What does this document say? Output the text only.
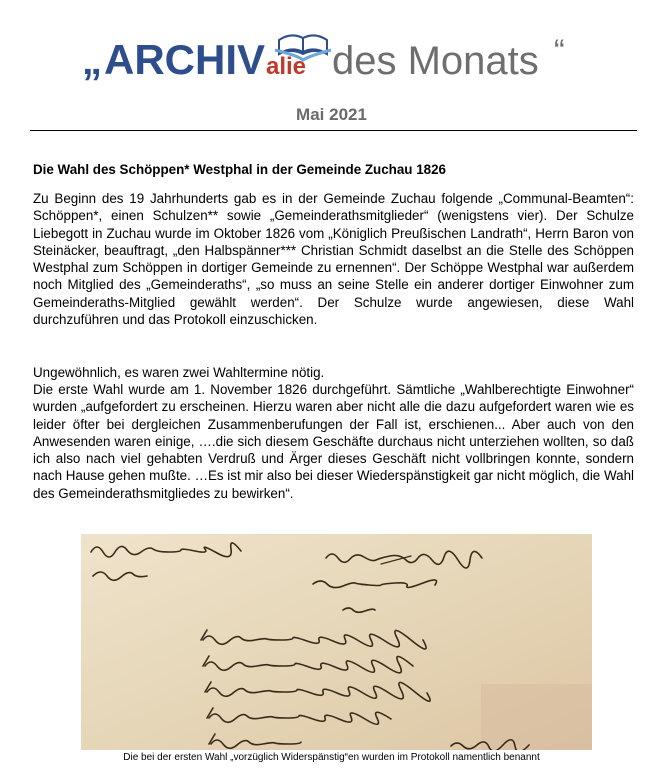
„ ARCHIV alie des Monats “
Mai 2021
Die Wahl des Schöppen* Westphal in der Gemeinde Zuchau 1826

Zu Beginn des 19 Jahrhunderts gab es in der Gemeinde Zuchau folgende „Communal-Beamten“: Schöppen*, einen Schulzen** sowie „Gemeinderathsmitglieder“ (wenigstens vier). Der Schulze Liebegott in Zuchau wurde im Oktober 1826 vom „Königlich Preußischen Landrath“, Herrn Baron von Steinäcker, beauftragt, „den Halbspänner*** Christian Schmidt daselbst an die Stelle des Schöppen Westphal zum Schöppen in dortiger Gemeinde zu ernennen“. Der Schöppe Westphal war außerdem noch Mitglied des „Gemeinderaths“, „so muss an seine Stelle ein anderer dortiger Einwohner zum Gemeinderaths-Mitglied gewählt werden“. Der Schulze wurde angewiesen, diese Wahl durchzuführen und das Protokoll einzuschicken.

Ungewöhnlich, es waren zwei Wahltermine nötig.

Die erste Wahl wurde am 1. November 1826 durchgeführt. Sämtliche „Wahlberechtigte Einwohner“ wurden „aufgefordert zu erscheinen. Hierzu waren aber nicht alle die dazu aufgefordert waren wie es leider öfter bei dergleichen Zusammenberufungen der Fall ist, erschienen... Aber auch von den Anwesenden waren einige, ….die sich diesem Geschäfte durchaus nicht unterziehen wollten, so daß ich also nach viel gehabten Verdruß und Ärger dieses Geschäft nicht vollbringen konnte, sondern nach Hause gehen mußte. …Es ist mir also bei dieser Wiederspänstigkeit gar nicht möglich, die Wahl des Gemeinderathsmitgliedes zu bewirken“.

Die bei der ersten Wahl „vorzüglich Widerspänstig“en wurden im Protokoll namentlich benannt
